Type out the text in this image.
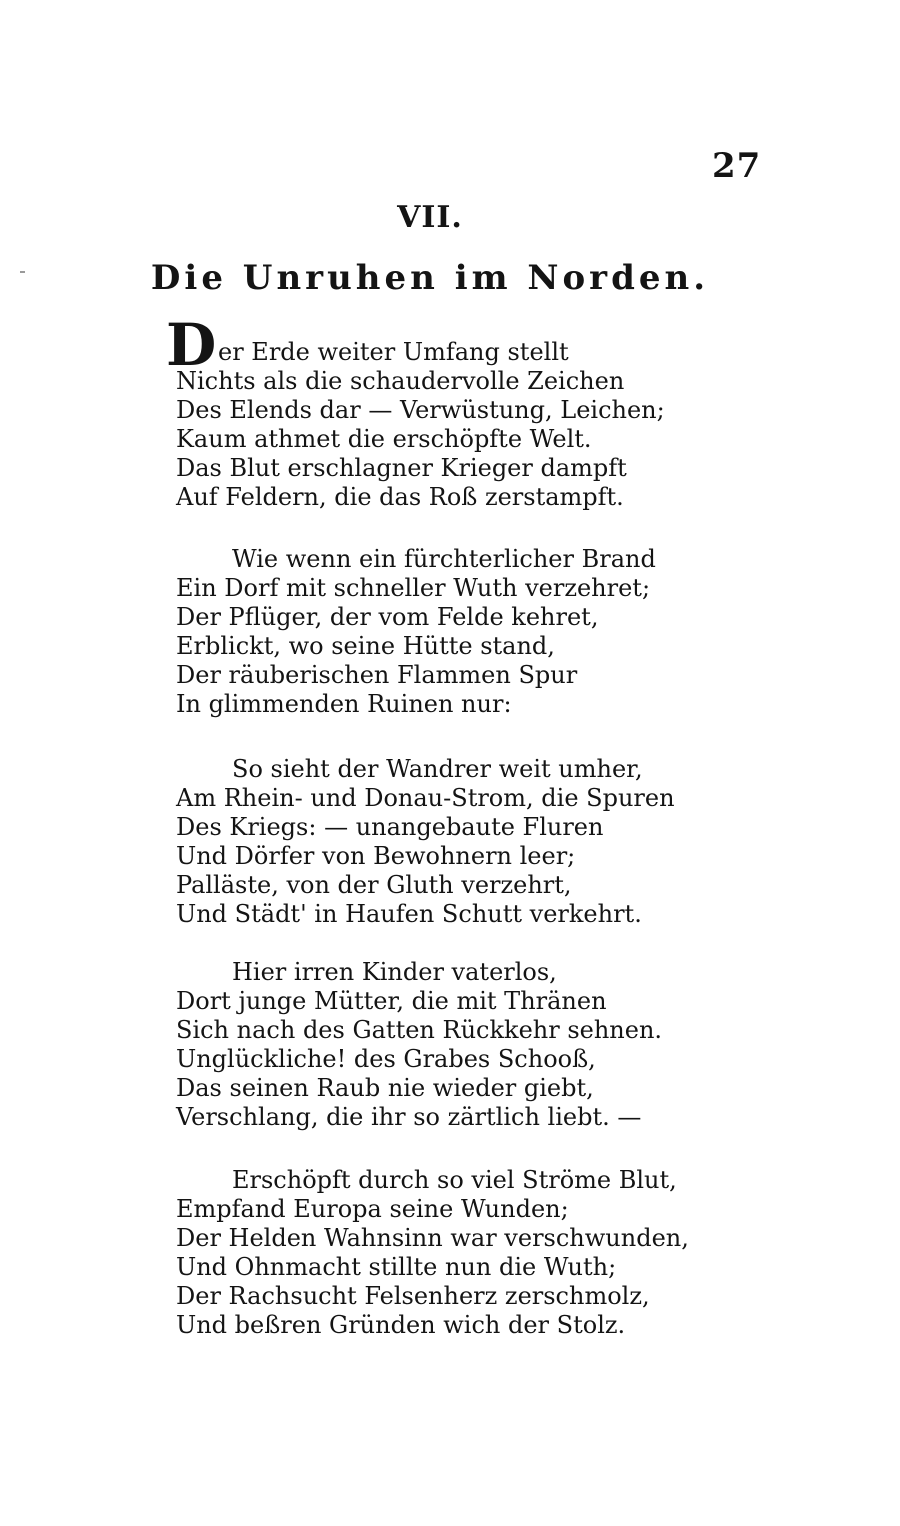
27
VII.
Die Unruhen im Norden.
D er Erde weiter Umfang stellt
Nichts als die schaudervolle Zeichen
Des Elends dar — Verwüstung, Leichen;
Kaum athmet die erschöpfte Welt.
Das Blut erschlagner Krieger dampft
Auf Feldern, die das Roß zerstampft.
Wie wenn ein fürchterlicher Brand
Ein Dorf mit schneller Wuth verzehret;
Der Pflüger, der vom Felde kehret,
Erblickt, wo seine Hütte stand,
Der räuberischen Flammen Spur
In glimmenden Ruinen nur:
So sieht der Wandrer weit umher,
Am Rhein- und Donau-Strom, die Spuren
Des Kriegs: — unangebaute Fluren
Und Dörfer von Bewohnern leer;
Palläste, von der Gluth verzehrt,
Und Städt' in Haufen Schutt verkehrt.
Hier irren Kinder vaterlos,
Dort junge Mütter, die mit Thränen
Sich nach des Gatten Rückkehr sehnen.
Unglückliche! des Grabes Schooß,
Das seinen Raub nie wieder giebt,
Verschlang, die ihr so zärtlich liebt. —
Erschöpft durch so viel Ströme Blut,
Empfand Europa seine Wunden;
Der Helden Wahnsinn war verschwunden,
Und Ohnmacht stillte nun die Wuth;
Der Rachsucht Felsenherz zerschmolz,
Und beßren Gründen wich der Stolz.
